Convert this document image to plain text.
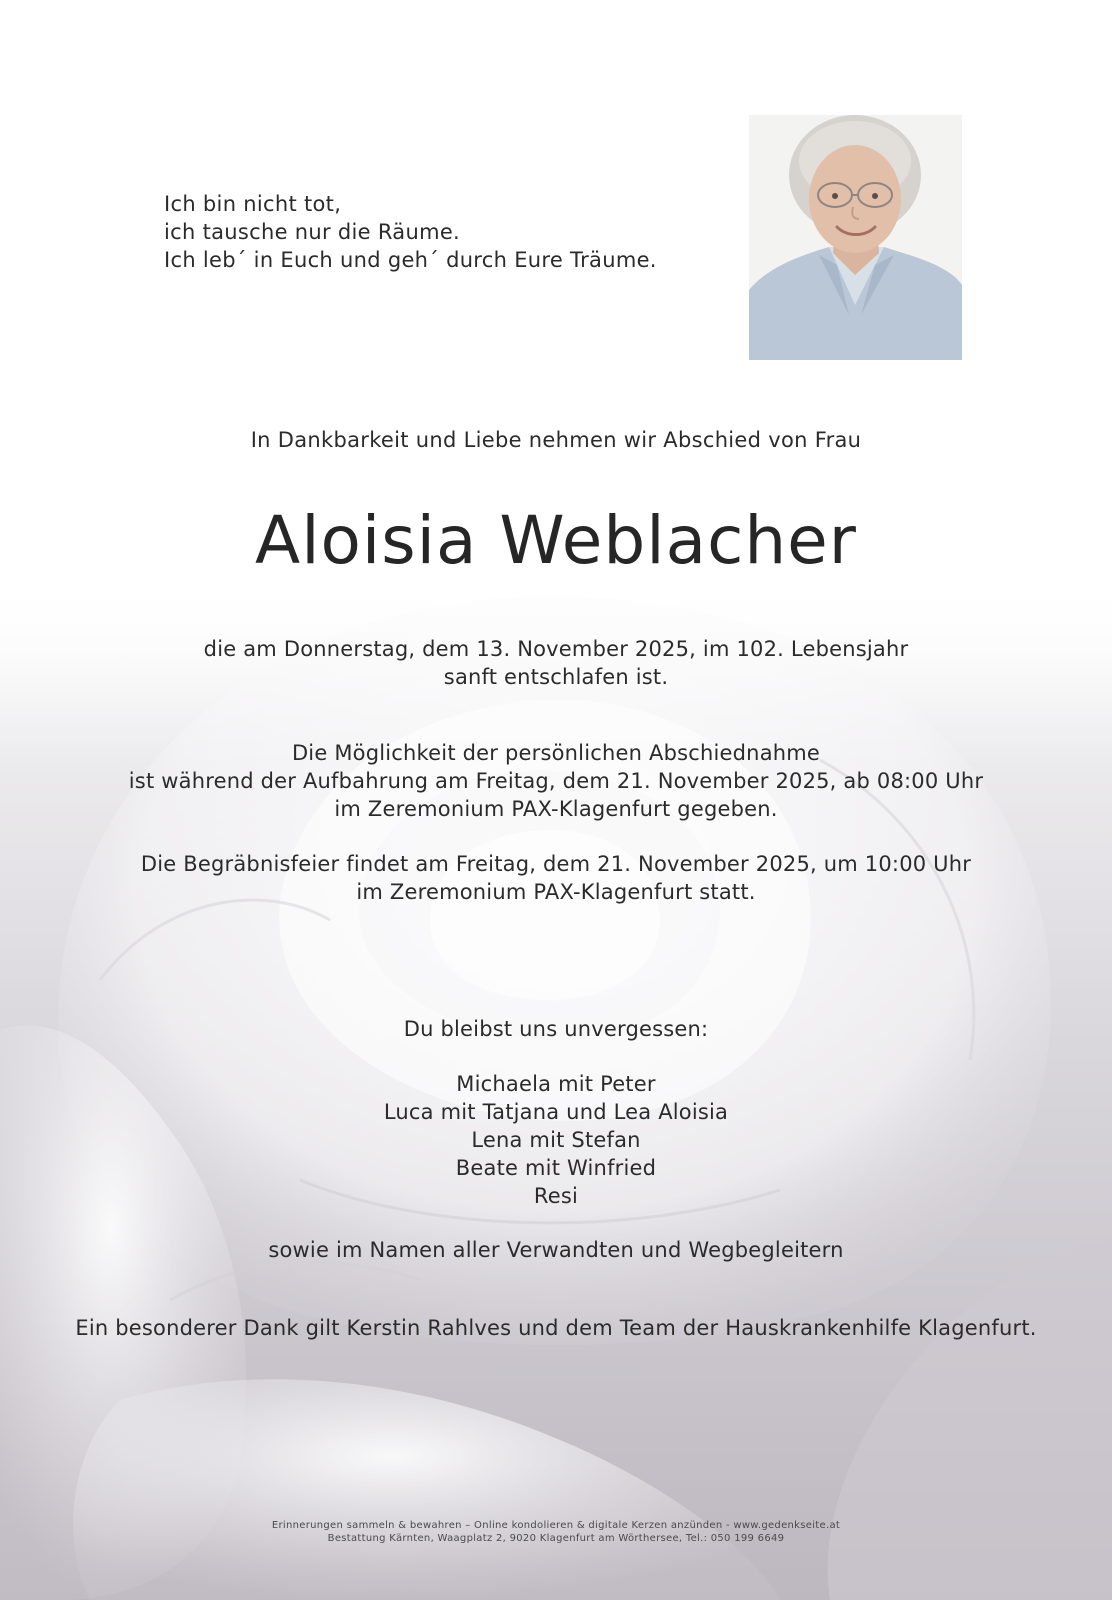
Ich bin nicht tot,
ich tausche nur die Räume.
Ich leb´ in Euch und geh´ durch Eure Träume.
In Dankbarkeit und Liebe nehmen wir Abschied von Frau
Aloisia Weblacher
die am Donnerstag, dem 13. November 2025, im 102. Lebensjahr
sanft entschlafen ist.
Die Möglichkeit der persönlichen Abschiednahme
ist während der Aufbahrung am Freitag, dem 21. November 2025, ab 08:00 Uhr
im Zeremonium PAX-Klagenfurt gegeben.
Die Begräbnisfeier findet am Freitag, dem 21. November 2025, um 10:00 Uhr
im Zeremonium PAX-Klagenfurt statt.
Du bleibst uns unvergessen:
Michaela mit Peter
Luca mit Tatjana und Lea Aloisia
Lena mit Stefan
Beate mit Winfried
Resi
sowie im Namen aller Verwandten und Wegbegleitern
Ein besonderer Dank gilt Kerstin Rahlves und dem Team der Hauskrankenhilfe Klagenfurt.
Erinnerungen sammeln & bewahren – Online kondolieren & digitale Kerzen anzünden - www.gedenkseite.at
Bestattung Kärnten, Waagplatz 2, 9020 Klagenfurt am Wörthersee, Tel.: 050 199 6649
